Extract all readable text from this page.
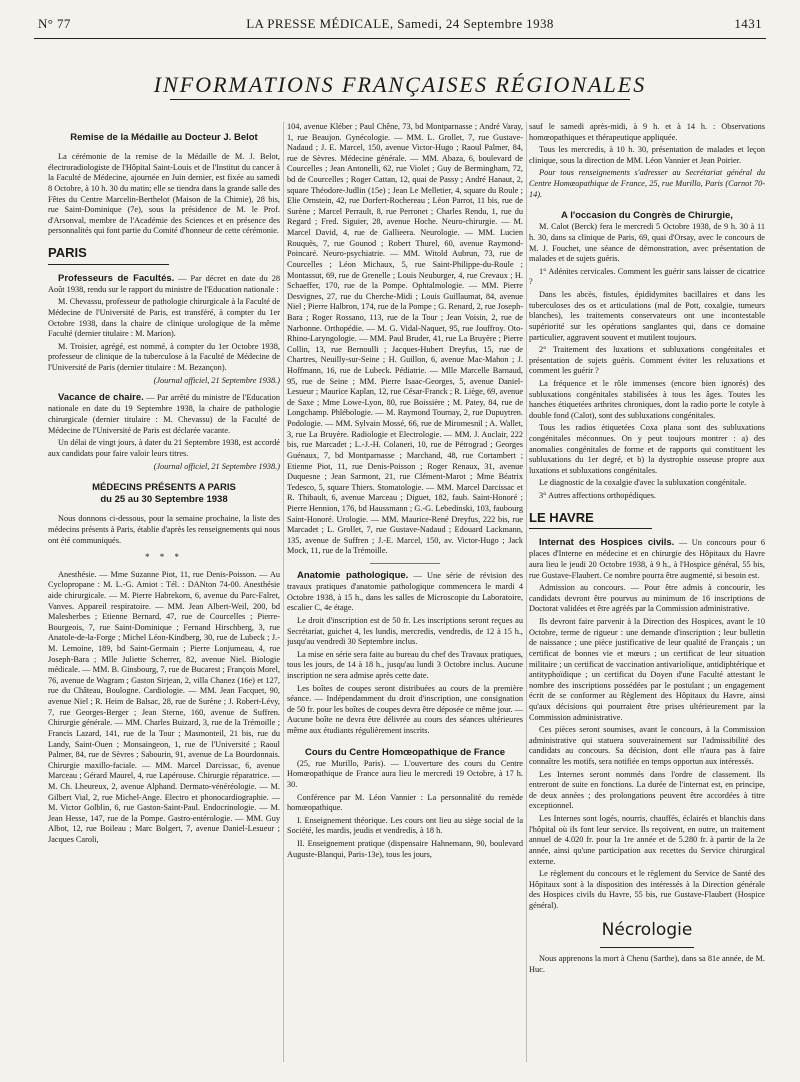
N° 77	LA PRESSE MÉDICALE, Samedi, 24 Septembre 1938	1431
INFORMATIONS FRANÇAISES RÉGIONALES
Remise de la Médaille au Docteur J. Belot

La cérémonie de la remise de la Médaille de M. J. Belot, électroradiologiste de l'Hôpital Saint-Louis et de l'Institut du cancer à la Faculté de Médecine, ajournée en Juin dernier, est fixée au samedi 8 Octobre, à 10 h. 30 du matin; elle se tiendra dans la grande salle des Fêtes du Centre Marcelin-Berthelot (Maison de la Chimie), 28 bis, rue Saint-Dominique (7e), sous la présidence de M. le Prof. d'Arsonval, membre de l'Académie des Sciences et en présence des personnalités qui font partie du Comité d'honneur de cette cérémonie.

PARIS

Professeurs de Facultés. — Par décret en date du 28 Août 1938, rendu sur le rapport du ministre de l'Education nationale :

M. Chevassu, professeur de pathologie chirurgicale à la Faculté de Médecine de l'Université de Paris, est transféré, à compter du 1er Octobre 1938, dans la chaire de clinique urologique de la même Faculté (dernier titulaire : M. Marion).

M. Troisier, agrégé, est nommé, à compter du 1er Octobre 1938, professeur de clinique de la tuberculose à la Faculté de Médecine de l'Université de Paris (dernier titulaire : M. Bezançon).

(Journal officiel, 21 Septembre 1938.)

Vacance de chaire. — Par arrêté du ministre de l'Education nationale en date du 19 Septembre 1938, la chaire de pathologie chirurgicale (dernier titulaire : M. Chevassu) de la Faculté de Médecine de l'Université de Paris est déclarée vacante.

Un délai de vingt jours, à dater du 21 Septembre 1938, est accordé aux candidats pour faire valoir leurs titres.

(Journal officiel, 21 Septembre 1938.)

MÉDECINS PRÉSENTS A PARIS
du 25 au 30 Septembre 1938

Nous donnons ci-dessous, pour la semaine prochaine, la liste des médecins présents à Paris, établie d'après les renseignements qui nous ont été communiqués.

* * *

Anesthésie. — Mme Suzanne Piot, 11, rue Denis-Poisson. — Au Cyclopropane : M. L.-G. Amiot : Tél. : DANton 74-00. Anesthésie aide chirurgicale. — M. Pierre Habrekorn, 6, avenue du Parc-Falret, Vanves. Appareil respiratoire. — MM. Jean Albert-Weil, 200, bd Malesherbes ; Etienne Bernard, 47, rue de Courcelles ; Pierre-Bourgeois, 7, rue Saint-Dominique ; Fernand Hirschberg, 3, rue Anatole-de-la-Forge ; Michel Léon-Kindberg, 30, rue de Lubeck ; J.-M. Lemoine, 189, bd Saint-Germain ; Pierre Lonjumeau, 4, rue Joseph-Bara ; Mlle Juliette Scherrer, 82, avenue Niel. Biologie médicale. — MM. B. Ginsbourg, 7, rue de Bucarest ; François Morel, 76, avenue de Wagram ; Gaston Sirjean, 2, villa Chanez (16e) et 127, rue du Château, Boulogne. Cardiologie. — MM. Jean Facquet, 90, avenue Niel ; R. Heim de Balsac, 28, rue de Surène ; J. Robert-Lévy, 7, rue Georges-Berger ; Jean Sterne, 160, avenue de Suffren. Chirurgie générale. — MM. Charles Buizard, 3, rue de la Trémoille ; Francis Lazard, 141, rue de la Tour ; Masmonteil, 21 bis, rue du Landy, Saint-Ouen ; Monsaingeon, 1, rue de l'Université ; Raoul Palmer, 84, rue de Sèvres ; Sabourin, 91, avenue de La Bourdonnais. Chirurgie maxillo-faciale. — MM. Marcel Darcissac, 6, avenue Marceau ; Gérard Maurel, 4, rue Lapérouse. Chirurgie réparatrice. — M. Ch. Lheureux, 2, avenue Alphand. Dermato-vénéréologie. — M. Gilbert Vial, 2, rue Michel-Ange. Electro et phonocardiographie. — M. Victor Golblin, 6, rue Gaston-Saint-Paul. Endocrinologie. — M. Jean Hesse, 147, rue de la Pompe. Gastro-entérologie. — MM. Guy Albot, 12, rue Boileau ; Marc Bolgert, 7, avenue Daniel-Lesueur ; Jacques Caroli,

104, avenue Kléber ; Paul Chêne, 73, bd Montparnasse ; André Varay, 1, rue Beaujon. Gynécologie. — MM. L. Grollet, 7, rue Gustave-Nadaud ; J. E. Marcel, 150, avenue Victor-Hugo ; Raoul Palmer, 84, rue de Sèvres. Médecine générale. — MM. Abaza, 6, boulevard de Courcelles ; Jean Antonelli, 62, rue Violet ; Guy de Bermingham, 72, bd de Courcelles ; Roger Cattan, 12, quai de Passy ; André Hanaut, 2, square Théodore-Judlin (15e) ; Jean Le Melletier, 4, square du Roule ; Elie Ornstein, 42, rue Dorfert-Rochereau ; Léon Parrot, 11 bis, rue de Surène ; Marcel Perrault, 8, rue Perronet ; Charles Rendu, 1, rue du Regard ; Fred. Siguier, 28, avenue Hoche. Neuro-chirurgie. — M. Marcel David, 4, rue de Gallieera. Neurologie. — MM. Lucien Rouquès, 7, rue Gounod ; Robert Thurel, 60, avenue Raymond-Poincaré. Neuro-psychiatrie. — MM. Witold Aubrun, 73, rue de Courcelles ; Léon Michaux, 5, rue Saint-Philippe-du-Roule ; Montassut, 69, rue de Grenelle ; Louis Neuburger, 4, rue Crevaux ; H. Schaeffer, 170, rue de la Pompe. Ophtalmologie. — MM. Pierre Desvignes, 27, rue du Cherche-Midi ; Louis Guillaumat, 84, avenue Niel ; Pierre Halbron, 174, rue de la Pompe ; G. Renard, 2, rue Joseph-Bara ; Roger Rossano, 113, rue de la Tour ; Jean Voisin, 2, rue de Narbonne. Orthopédie. — M. G. Vidal-Naquet, 95, rue Jouffroy. Oto-Rhino-Laryngologie. — MM. Paul Bruder, 41, rue La Bruyère ; Pierre Collin, 13, rue Bernoulli ; Jacques-Hubert Dreyfus, 15, rue de Chartres, Neuilly-sur-Seine ; H. Guillon, 6, avenue Mac-Mahon ; J. Hoffmann, 16, rue de Lubeck. Pédiatrie. — Mlle Marcelle Barnaud, 95, rue de Seine ; MM. Pierre Isaac-Georges, 5, avenue Daniel-Lesueur ; Maurice Kaplan, 12, rue César-Franck ; R. Liège, 69, avenue de Saxe ; Mme Lowe-Lyon, 80, rue Boissière ; M. Patey, 84, rue de Longchamp. Phlébologie. — M. Raymond Tournay, 2, rue Dupuytren. Podologie. — MM. Sylvain Mossé, 66, rue de Miromesnil ; A. Wallet, 3, rue La Bruyère. Radiologie et Electrologie. — MM. J. Auclair, 222 bis, rue Marcadet ; L.-J.-H. Colaneri, 10, rue de Pétrograd ; Georges Guénaux, 7, bd Montparnasse ; Marchand, 48, rue Cortambert ; Etienne Piot, 11, rue Denis-Poisson ; Roger Renaux, 31, avenue Duquesne ; Jean Sarmont, 21, rue Clément-Marot ; Mme Béatrix Tedesco, 5, square Thiers. Stomatologie. — MM. Marcel Darcissac et R. Thibault, 6, avenue Marceau ; Diguet, 182, faub. Saint-Honoré ; Pierre Hennion, 176, bd Haussmann ; G.-G. Lebedinski, 103, faubourg Saint-Honoré. Urologie. — MM. Maurice-René Dreyfus, 222 bis, rue Marcadet ; L. Grollet, 7, rue Gustave-Nadaud ; Edouard Lackmann, 135, avenue de Suffren ; J.-E. Marcel, 150, av. Victor-Hugo ; Jack Mock, 11, rue de la Trémoille.

Anatomie pathologique. — Une série de révision des travaux pratiques d'anatomie pathologique commencera le mardi 4 Octobre 1938, à 15 h., dans les salles de Microscopie du Laboratoire, escalier C, 4e étage.

Le droit d'inscription est de 50 fr. Les inscriptions seront reçues au Secrétariat, guichet 4, les lundis, mercredis, vendredis, de 12 à 15 h., jusqu'au vendredi 30 Septembre inclus.

La mise en série sera faite au bureau du chef des Travaux pratiques, tous les jours, de 14 à 18 h., jusqu'au lundi 3 Octobre inclus. Aucune inscription ne sera admise après cette date.

Les boîtes de coupes seront distribuées au cours de la première séance. — Indépendamment du droit d'inscription, une consignation de 50 fr. pour les boîtes de coupes devra être déposée ce même jour. — Aucune boîte ne devra être délivrée au cours des séances ultérieures même aux étudiants régulièrement inscrits.

Cours du Centre Homœopathique de France

(25, rue Murillo, Paris). — L'ouverture des cours du Centre Homœopathique de France aura lieu le mercredi 19 Octobre, à 17 h. 30.

Conférence par M. Léon Vannier : La personnalité du remède homœopathique.

I. Enseignement théorique. Les cours ont lieu au siège social de la Société, les mardis, jeudis et vendredis, à 18 h.

II. Enseignement pratique (dispensaire Hahnemann, 90, boulevard Auguste-Blanqui, Paris-13e), tous les jours,

sauf le samedi après-midi, à 9 h. et à 14 h. : Observations homœopathiques et thérapeutique appliquée.

Tous les mercredis, à 10 h. 30, présentation de malades et leçon clinique, sous la direction de MM. Léon Vannier et Jean Poirier.

Pour tous renseignements s'adresser au Secrétariat général du Centre Homœopathique de France, 25, rue Murillo, Paris (Carnot 70-14).

A l'occasion du Congrès de Chirurgie,

M. Calot (Berck) fera le mercredi 5 Octobre 1938, de 9 h. 30 à 11 h. 30, dans sa clinique de Paris, 69, quai d'Orsay, avec le concours de M. J. Fouchet, une séance de démonstration, avec présentation de malades et de sujets guéris.

1° Adénites cervicales. Comment les guérir sans laisser de cicatrice ?

Dans les abcès, fistules, épididymites bacillaires et dans les tuberculoses des os et articulations (mal de Pott, coxalgie, tumeurs blanches), les traitements conservateurs ont une incontestable supériorité sur les opérations sanglantes qui, dans ce domaine particulier, aggravent souvent et mutilent toujours.

2° Traitement des luxations et subluxations congénitales et présentation de sujets guéris. Comment éviter les reluxations et comment les guérir ?

La fréquence et le rôle immenses (encore bien ignorés) des subluxations congénitales stabilisées à tous les âges. Toutes les hanches étiquetées arthrites chroniques, dont la radio porte le cotyle à double fond (Calot), sont des subluxations congénitales.

Tous les radios étiquetées Coxa plana sont des subluxations congénitales méconnues. On y peut toujours montrer : a) des anomalies congénitales de forme et de rapports qui constituent les subluxations du 1er degré, et b) la dystrophie osseuse propre aux luxations et subluxations congénitales.

Le diagnostic de la coxalgie d'avec la subluxation congénitale.

3° Autres affections orthopédiques.

LE HAVRE

Internat des Hospices civils. — Un concours pour 6 places d'Interne en médecine et en chirurgie des Hôpitaux du Havre aura lieu le jeudi 20 Octobre 1938, à 9 h., à l'Hospice général, 55 bis, rue Gustave-Flaubert. Ce nombre pourra être augmenté, si besoin est.

Admission au concours. — Pour être admis à concourir, les candidats devront être pourvus au minimum de 16 inscriptions de Doctorat validées et être agréés par la Commission administrative.

Ils devront faire parvenir à la Direction des Hospices, avant le 10 Octobre, terme de rigueur : une demande d'inscription ; leur bulletin de naissance ; une pièce justificative de leur qualité de Français ; un certificat de bonnes vie et mœurs ; un certificat de leur situation militaire ; un certificat de vaccination antivariolique, antidiphtérique et antityphoïdique ; un certificat du Doyen d'une Faculté attestant le nombre des inscriptions possédées par le postulant ; un engagement écrit de se conformer au Règlement des Hôpitaux du Havre, ainsi qu'aux décisions qui pourraient être prises ultérieurement par la Commission administrative.

Ces pièces seront soumises, avant le concours, à la Commission administrative qui statuera souverainement sur l'admissibilité des candidats au concours. Sa décision, dont elle n'aura pas à faire connaître les motifs, sera notifiée en temps opportun aux intéressés.

Les Internes seront nommés dans l'ordre de classement. Ils entreront de suite en fonctions. La durée de l'internat est, en principe, de deux années ; des prolongations peuvent être accordées à titre exceptionnel.

Les Internes sont logés, nourris, chauffés, éclairés et blanchis dans l'hôpital où ils font leur service. Ils reçoivent, en outre, un traitement annuel de 4.020 fr. pour la 1re année et de 5.280 fr. à partir de la 2e année, ainsi qu'une participation aux recettes du Service chirurgical externe.

Le règlement du concours et le règlement du Service de Santé des Hôpitaux sont à la disposition des intéressés à la Direction générale des Hospices civils du Havre, 55 bis, rue Gustave-Flaubert (Hospice général).

Nécrologie

Nous apprenons la mort à Chenu (Sarthe), dans sa 81e année, de M. Huc.
